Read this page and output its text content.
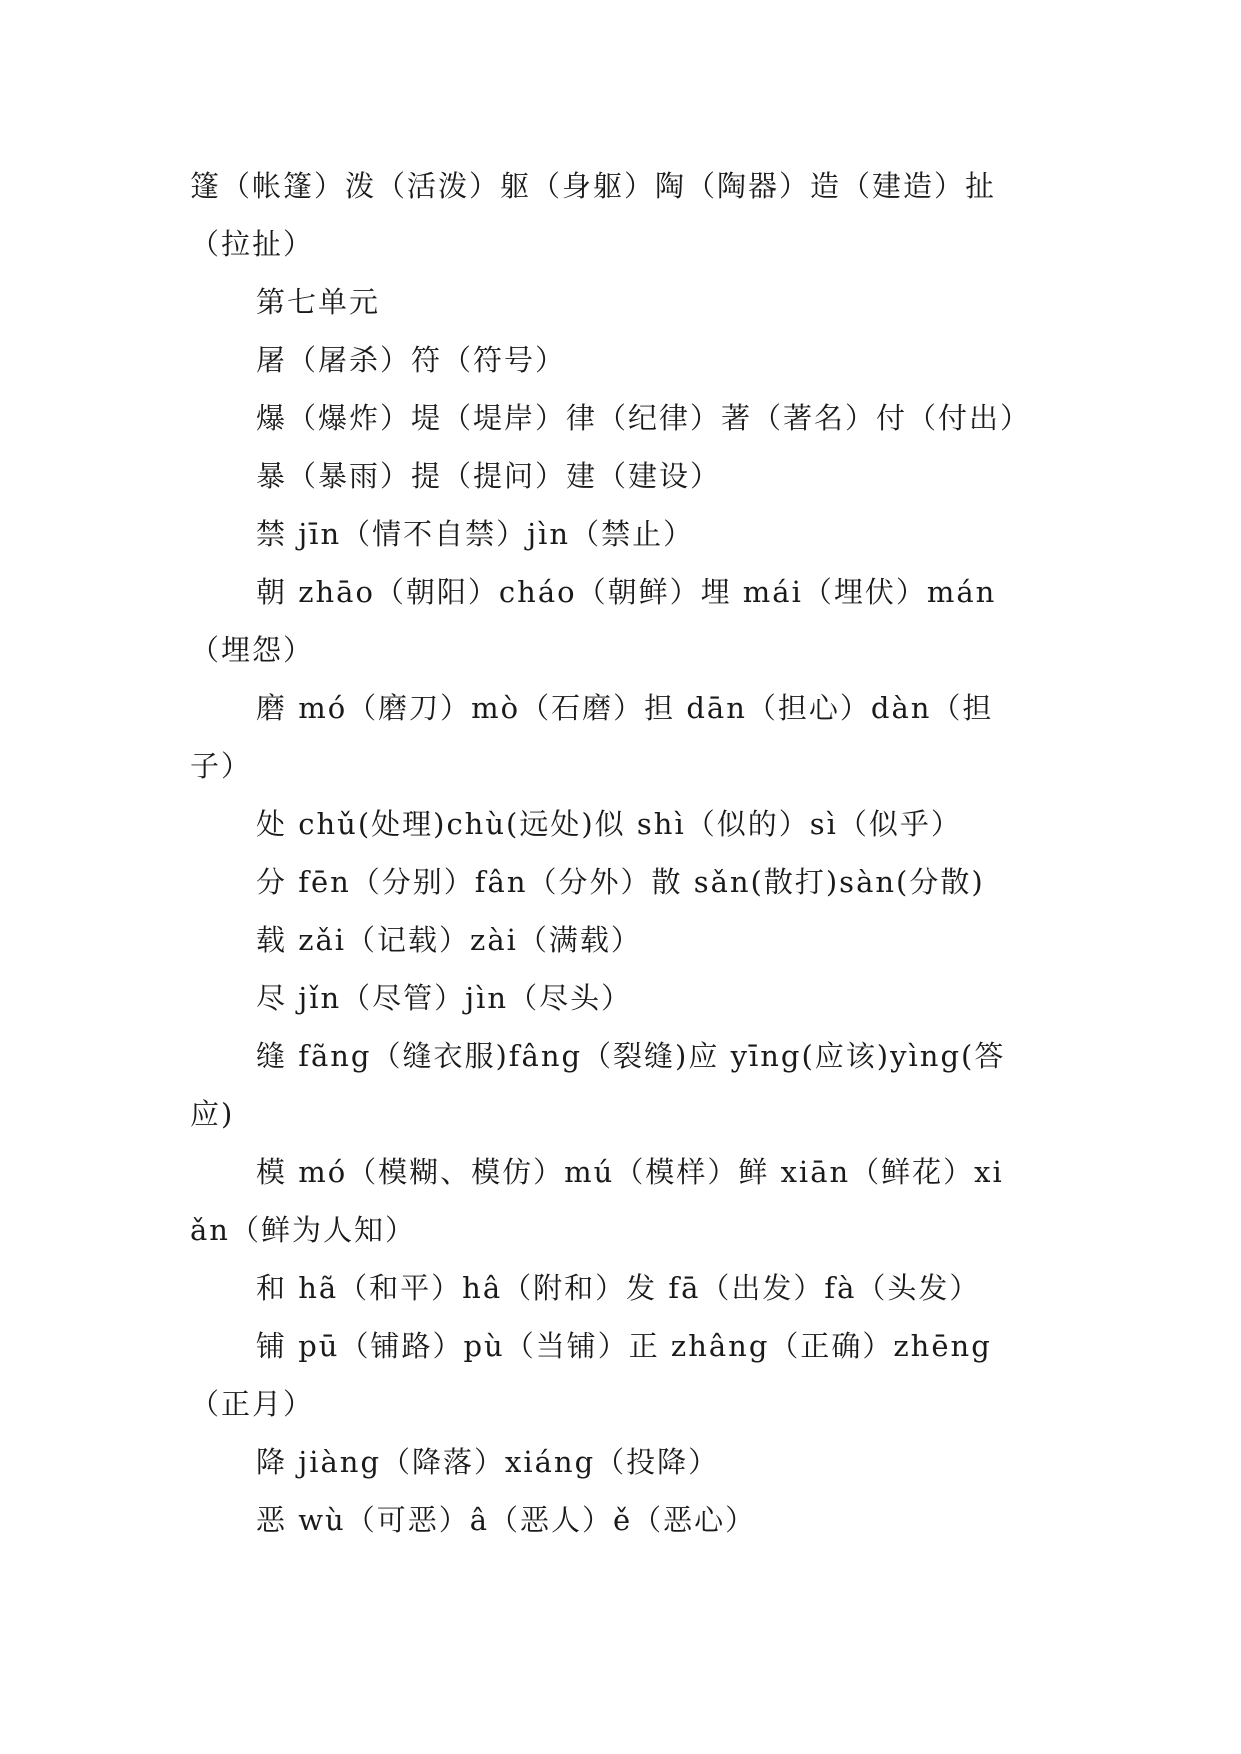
篷（帐篷）泼（活泼）躯（身躯）陶（陶器）造（建造）扯
（拉扯）
第七单元
屠（屠杀）符（符号）
爆（爆炸）堤（堤岸）律（纪律）著（著名）付（付出）
暴（暴雨）提（提问）建（建设）
禁 jīn（情不自禁）jìn（禁止）
朝 zhāo（朝阳）cháo（朝鲜）埋 mái（埋伏）mán
（埋怨）
磨 mó（磨刀）mò（石磨）担 dān（担心）dàn（担
子）
处 chǔ(处理)chù(远处)似 shì（似的）sì（似乎）
分 fēn（分别）fân（分外）散 sǎn(散打)sàn(分散)
载 zǎi（记载）zài（满载）
尽 jǐn（尽管）jìn（尽头）
缝 fãng（缝衣服)fâng（裂缝)应 yīng(应该)yìng(答
应)
模 mó（模糊、模仿）mú（模样）鲜 xiān（鲜花）xi
ǎn（鲜为人知）
和 hã（和平）hâ（附和）发 fā（出发）fà（头发）
铺 pū（铺路）pù（当铺）正 zhâng（正确）zhēng
（正月）
降 jiàng（降落）xiáng（投降）
恶 wù（可恶）â（恶人）ě（恶心）
